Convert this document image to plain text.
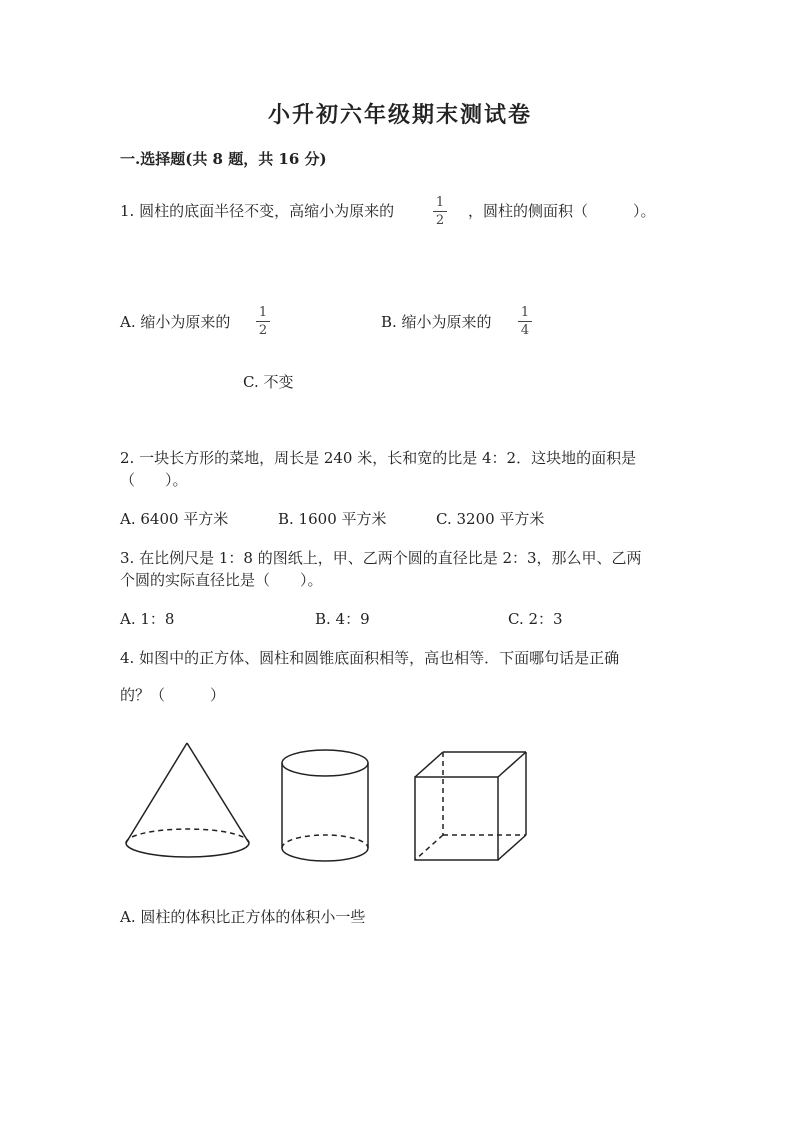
小升初六年级期末测试卷
一.选择题(共 8 题，共 16 分)
1. 圆柱的底面半径不变，高缩小为原来的	1
2
，圆柱的侧面积（　　　）。
A. 缩小为原来的
1
2	B. 缩小为原来的
1
4
C. 不变
2. 一块长方形的菜地，周长是 240 米，长和宽的比是 4：2．这块地的面积是
（　　）。
A. 6400 平方米	B. 1600 平方米	C. 3200 平方米
3. 在比例尺是 1：8 的图纸上，甲、乙两个圆的直径比是 2：3，那么甲、乙两
个圆的实际直径比是（　　）。
A. 1：8	B. 4：9	C. 2：3
4. 如图中的正方体、圆柱和圆锥底面积相等，高也相等．下面哪句话是正确
的？（　　　）
A. 圆柱的体积比正方体的体积小一些
